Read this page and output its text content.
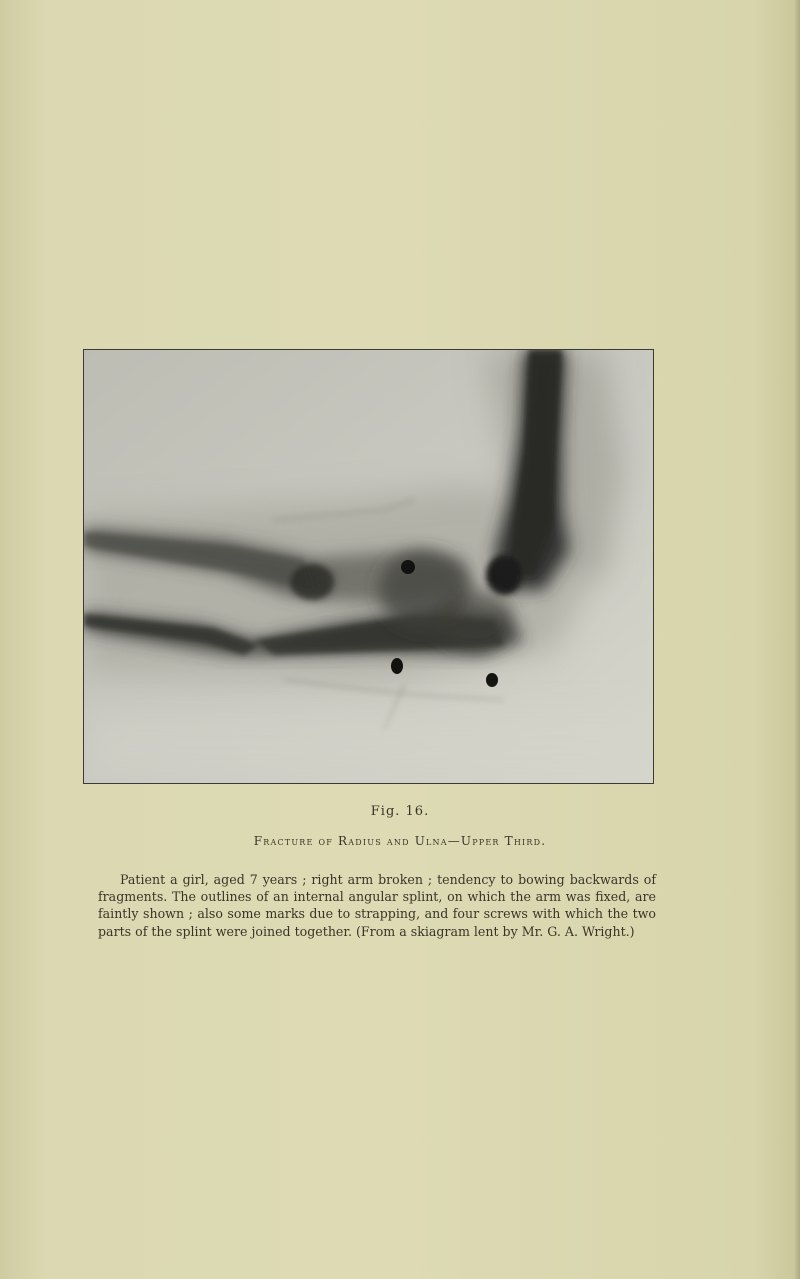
Fig. 16.
Fracture of Radius and Ulna—Upper Third.

Patient a girl, aged 7 years ; right arm broken ; tendency to bowing backwards of fragments. The outlines of an internal angular splint, on which the arm was fixed, are faintly shown ; also some marks due to strapping, and four screws with which the two parts of the splint were joined together. (From a skiagram lent by Mr. G. A. Wright.)
